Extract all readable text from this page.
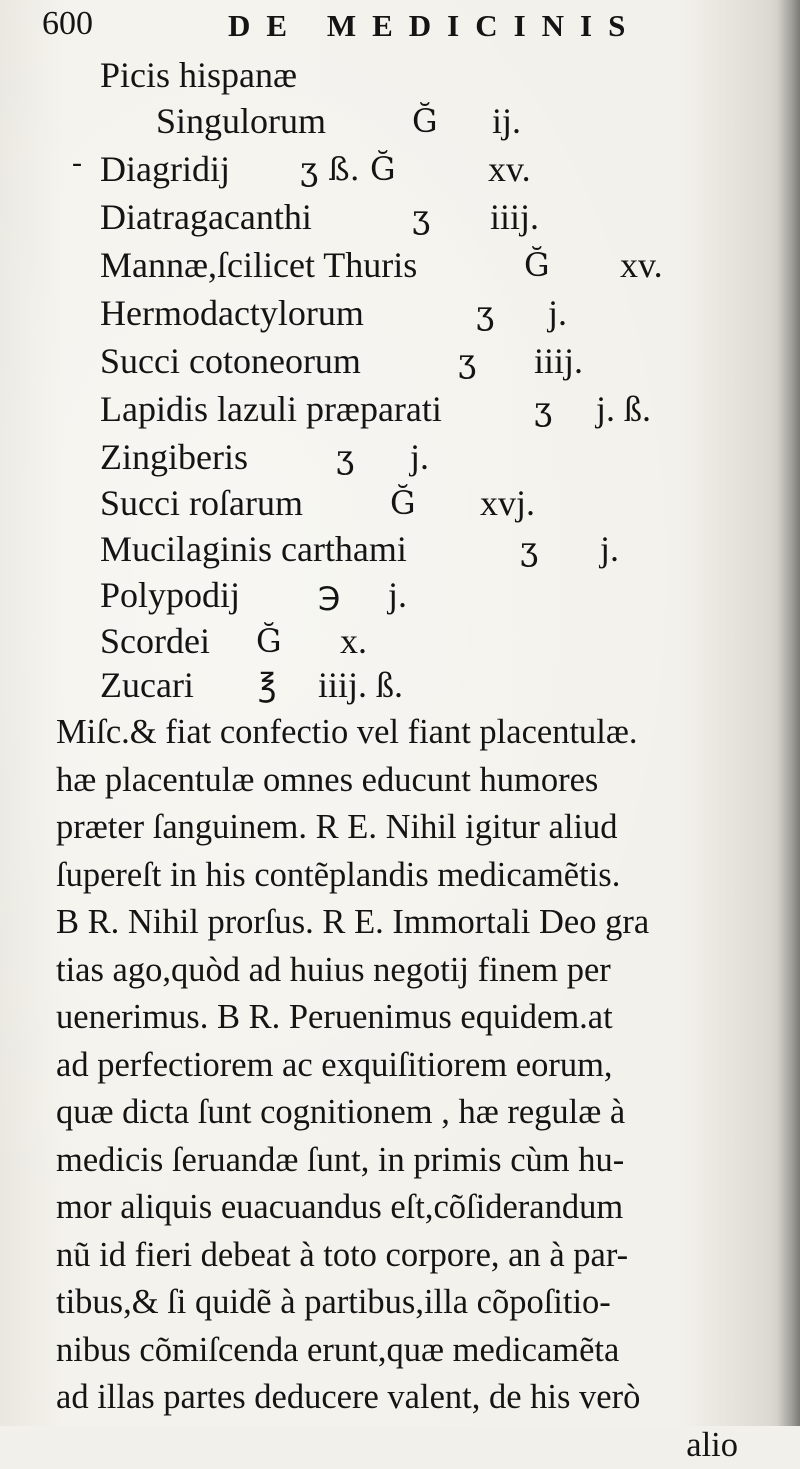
600	DE MEDICINIS
Picis hispanæ
Singulorum	Ğ ij.
- Diagridij ʒ ß. Ğ	xv.
Diatragacanthi	ʒ iiij.
Mannæ,ſcilicet Thuris	Ğ xv.
Hermodactylorum	ʒ j.
Succi cotoneorum	ʒ iiij.
Lapidis lazuli præparati	ʒ j. ß.
Zingiberis	ʒ j.
Succi roſarum	Ğ xvj.
Mucilaginis carthami	ʒ j.
Polypodij ℈ j.
Scordei Ğ x.
Zucari ℥ iiij. ß.
Miſc.& fiat confectio vel fiant placentulæ.
hæ placentulæ omnes educunt humores
præter ſanguinem. R E. Nihil igitur aliud
ſupereſt in his contẽplandis medicamẽtis.
B R. Nihil prorſus. R E. Immortali Deo gra
tias ago,quòd ad huius negotij finem per
uenerimus. B R. Peruenimus equidem.at
ad perfectiorem ac exquiſitiorem eorum,
quæ dicta ſunt cognitionem , hæ regulæ à
medicis ſeruandæ ſunt, in primis cùm hu-
mor aliquis euacuandus eſt,cõſiderandum
nũ id fieri debeat à toto corpore, an à par-
tibus,& ſi quidẽ à partibus,illa cõpoſitio-
nibus cõmiſcenda erunt,quæ medicamẽta
ad illas partes deducere valent, de his verò
alio
